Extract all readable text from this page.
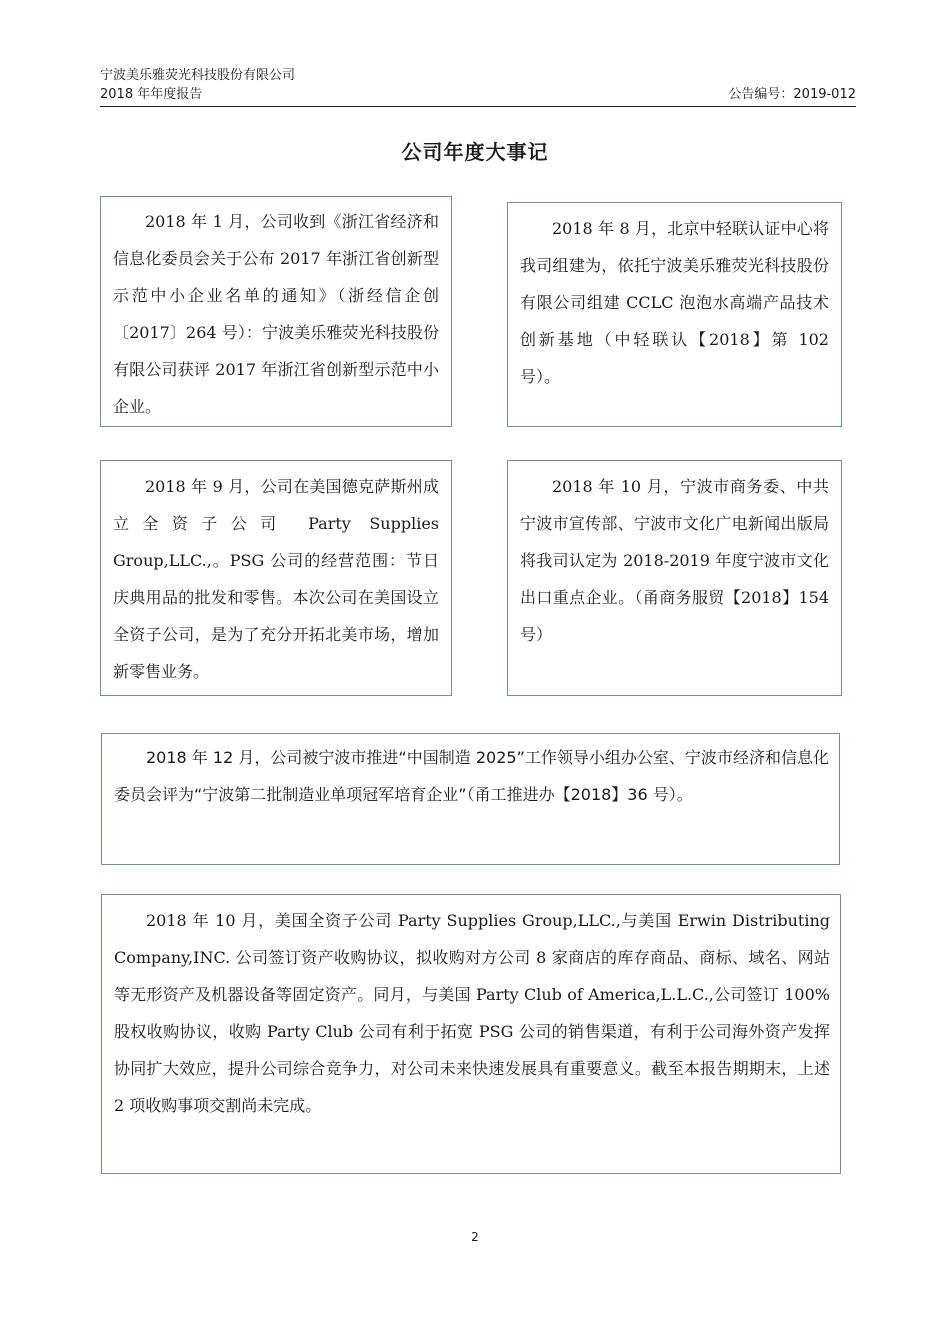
宁波美乐雅荧光科技股份有限公司
2018 年年度报告	公告编号：2019-012
公司年度大事记

2018 年 1 月，公司收到《浙江省经济和信息化委员会关于公布 2017 年浙江省创新型示范中小企业名单的通知》（浙经信企创〔2017〕264 号）：宁波美乐雅荧光科技股份有限公司获评 2017 年浙江省创新型示范中小企业。

2018 年 8 月，北京中轻联认证中心将我司组建为，依托宁波美乐雅荧光科技股份有限公司组建 CCLC 泡泡水高端产品技术创新基地（中轻联认【2018】第 102 号）。

2018 年 9 月，公司在美国德克萨斯州成立全资子公司 Party Supplies Group,LLC.,。PSG 公司的经营范围：节日庆典用品的批发和零售。本次公司在美国设立全资子公司，是为了充分开拓北美市场，增加新零售业务。

2018 年 10 月，宁波市商务委、中共宁波市宣传部、宁波市文化广电新闻出版局将我司认定为 2018-2019 年度宁波市文化出口重点企业。（甬商务服贸【2018】154 号）

2018 年 12 月，公司被宁波市推进“中国制造 2025”工作领导小组办公室、宁波市经济和信息化委员会评为“宁波第二批制造业单项冠军培育企业”（甬工推进办【2018】36 号）。

2018 年 10 月，美国全资子公司 Party Supplies Group,LLC.,与美国 Erwin Distributing Company,INC. 公司签订资产收购协议，拟收购对方公司 8 家商店的库存商品、商标、域名、网站等无形资产及机器设备等固定资产。同月，与美国 Party Club of America,L.L.C.,公司签订 100%股权收购协议，收购 Party Club 公司有利于拓宽 PSG 公司的销售渠道，有利于公司海外资产发挥协同扩大效应，提升公司综合竞争力，对公司未来快速发展具有重要意义。截至本报告期期末，上述 2 项收购事项交割尚未完成。

2
